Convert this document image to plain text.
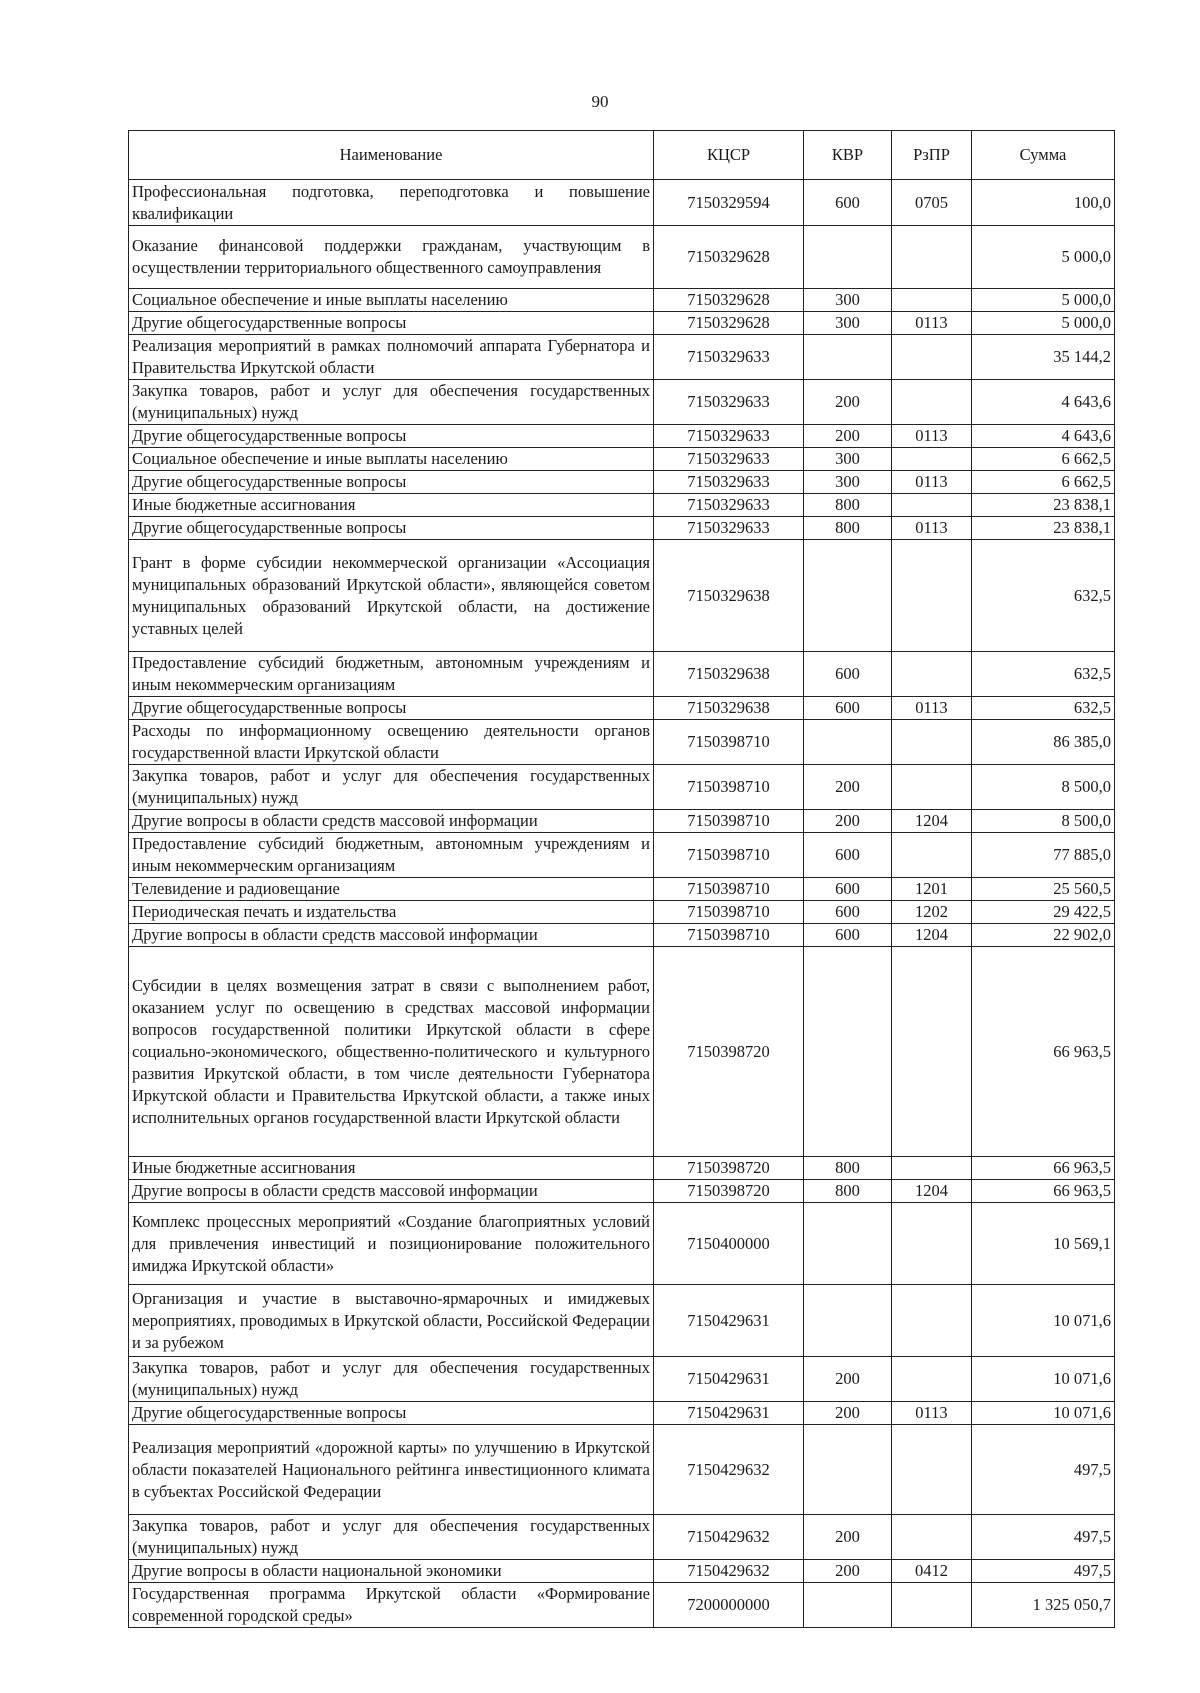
90
Наименование	КЦСР	КВР	РзПР	Сумма
Профессиональная подготовка, переподготовка и повышение квалификации	7150329594	600	0705	100,0
Оказание финансовой поддержки гражданам, участвующим в осуществлении территориального общественного самоуправления	7150329628			5 000,0
Социальное обеспечение и иные выплаты населению	7150329628	300		5 000,0
Другие общегосударственные вопросы	7150329628	300	0113	5 000,0
Реализация мероприятий в рамках полномочий аппарата Губернатора и Правительства Иркутской области	7150329633			35 144,2
Закупка товаров, работ и услуг для обеспечения государственных (муниципальных) нужд	7150329633	200		4 643,6
Другие общегосударственные вопросы	7150329633	200	0113	4 643,6
Социальное обеспечение и иные выплаты населению	7150329633	300		6 662,5
Другие общегосударственные вопросы	7150329633	300	0113	6 662,5
Иные бюджетные ассигнования	7150329633	800		23 838,1
Другие общегосударственные вопросы	7150329633	800	0113	23 838,1
Грант в форме субсидии некоммерческой организации «Ассоциация муниципальных образований Иркутской области», являющейся советом муниципальных образований Иркутской области, на достижение уставных целей	7150329638			632,5
Предоставление субсидий бюджетным, автономным учреждениям и иным некоммерческим организациям	7150329638	600		632,5
Другие общегосударственные вопросы	7150329638	600	0113	632,5
Расходы по информационному освещению деятельности органов государственной власти Иркутской области	7150398710			86 385,0
Закупка товаров, работ и услуг для обеспечения государственных (муниципальных) нужд	7150398710	200		8 500,0
Другие вопросы в области средств массовой информации	7150398710	200	1204	8 500,0
Предоставление субсидий бюджетным, автономным учреждениям и иным некоммерческим организациям	7150398710	600		77 885,0
Телевидение и радиовещание	7150398710	600	1201	25 560,5
Периодическая печать и издательства	7150398710	600	1202	29 422,5
Другие вопросы в области средств массовой информации	7150398710	600	1204	22 902,0
Субсидии в целях возмещения затрат в связи с выполнением работ, оказанием услуг по освещению в средствах массовой информации вопросов государственной политики Иркутской области в сфере социально-экономического, общественно-политического и культурного развития Иркутской области, в том числе деятельности Губернатора Иркутской области и Правительства Иркутской области, а также иных исполнительных органов государственной власти Иркутской области	7150398720			66 963,5
Иные бюджетные ассигнования	7150398720	800		66 963,5
Другие вопросы в области средств массовой информации	7150398720	800	1204	66 963,5
Комплекс процессных мероприятий «Создание благоприятных условий для привлечения инвестиций и позиционирование положительного имиджа Иркутской области»	7150400000			10 569,1
Организация и участие в выставочно-ярмарочных и имиджевых мероприятиях, проводимых в Иркутской области, Российской Федерации и за рубежом	7150429631			10 071,6
Закупка товаров, работ и услуг для обеспечения государственных (муниципальных) нужд	7150429631	200		10 071,6
Другие общегосударственные вопросы	7150429631	200	0113	10 071,6
Реализация мероприятий «дорожной карты» по улучшению в Иркутской области показателей Национального рейтинга инвестиционного климата в субъектах Российской Федерации	7150429632			497,5
Закупка товаров, работ и услуг для обеспечения государственных (муниципальных) нужд	7150429632	200		497,5
Другие вопросы в области национальной экономики	7150429632	200	0412	497,5
Государственная программа Иркутской области «Формирование современной городской среды»	7200000000			1 325 050,7
